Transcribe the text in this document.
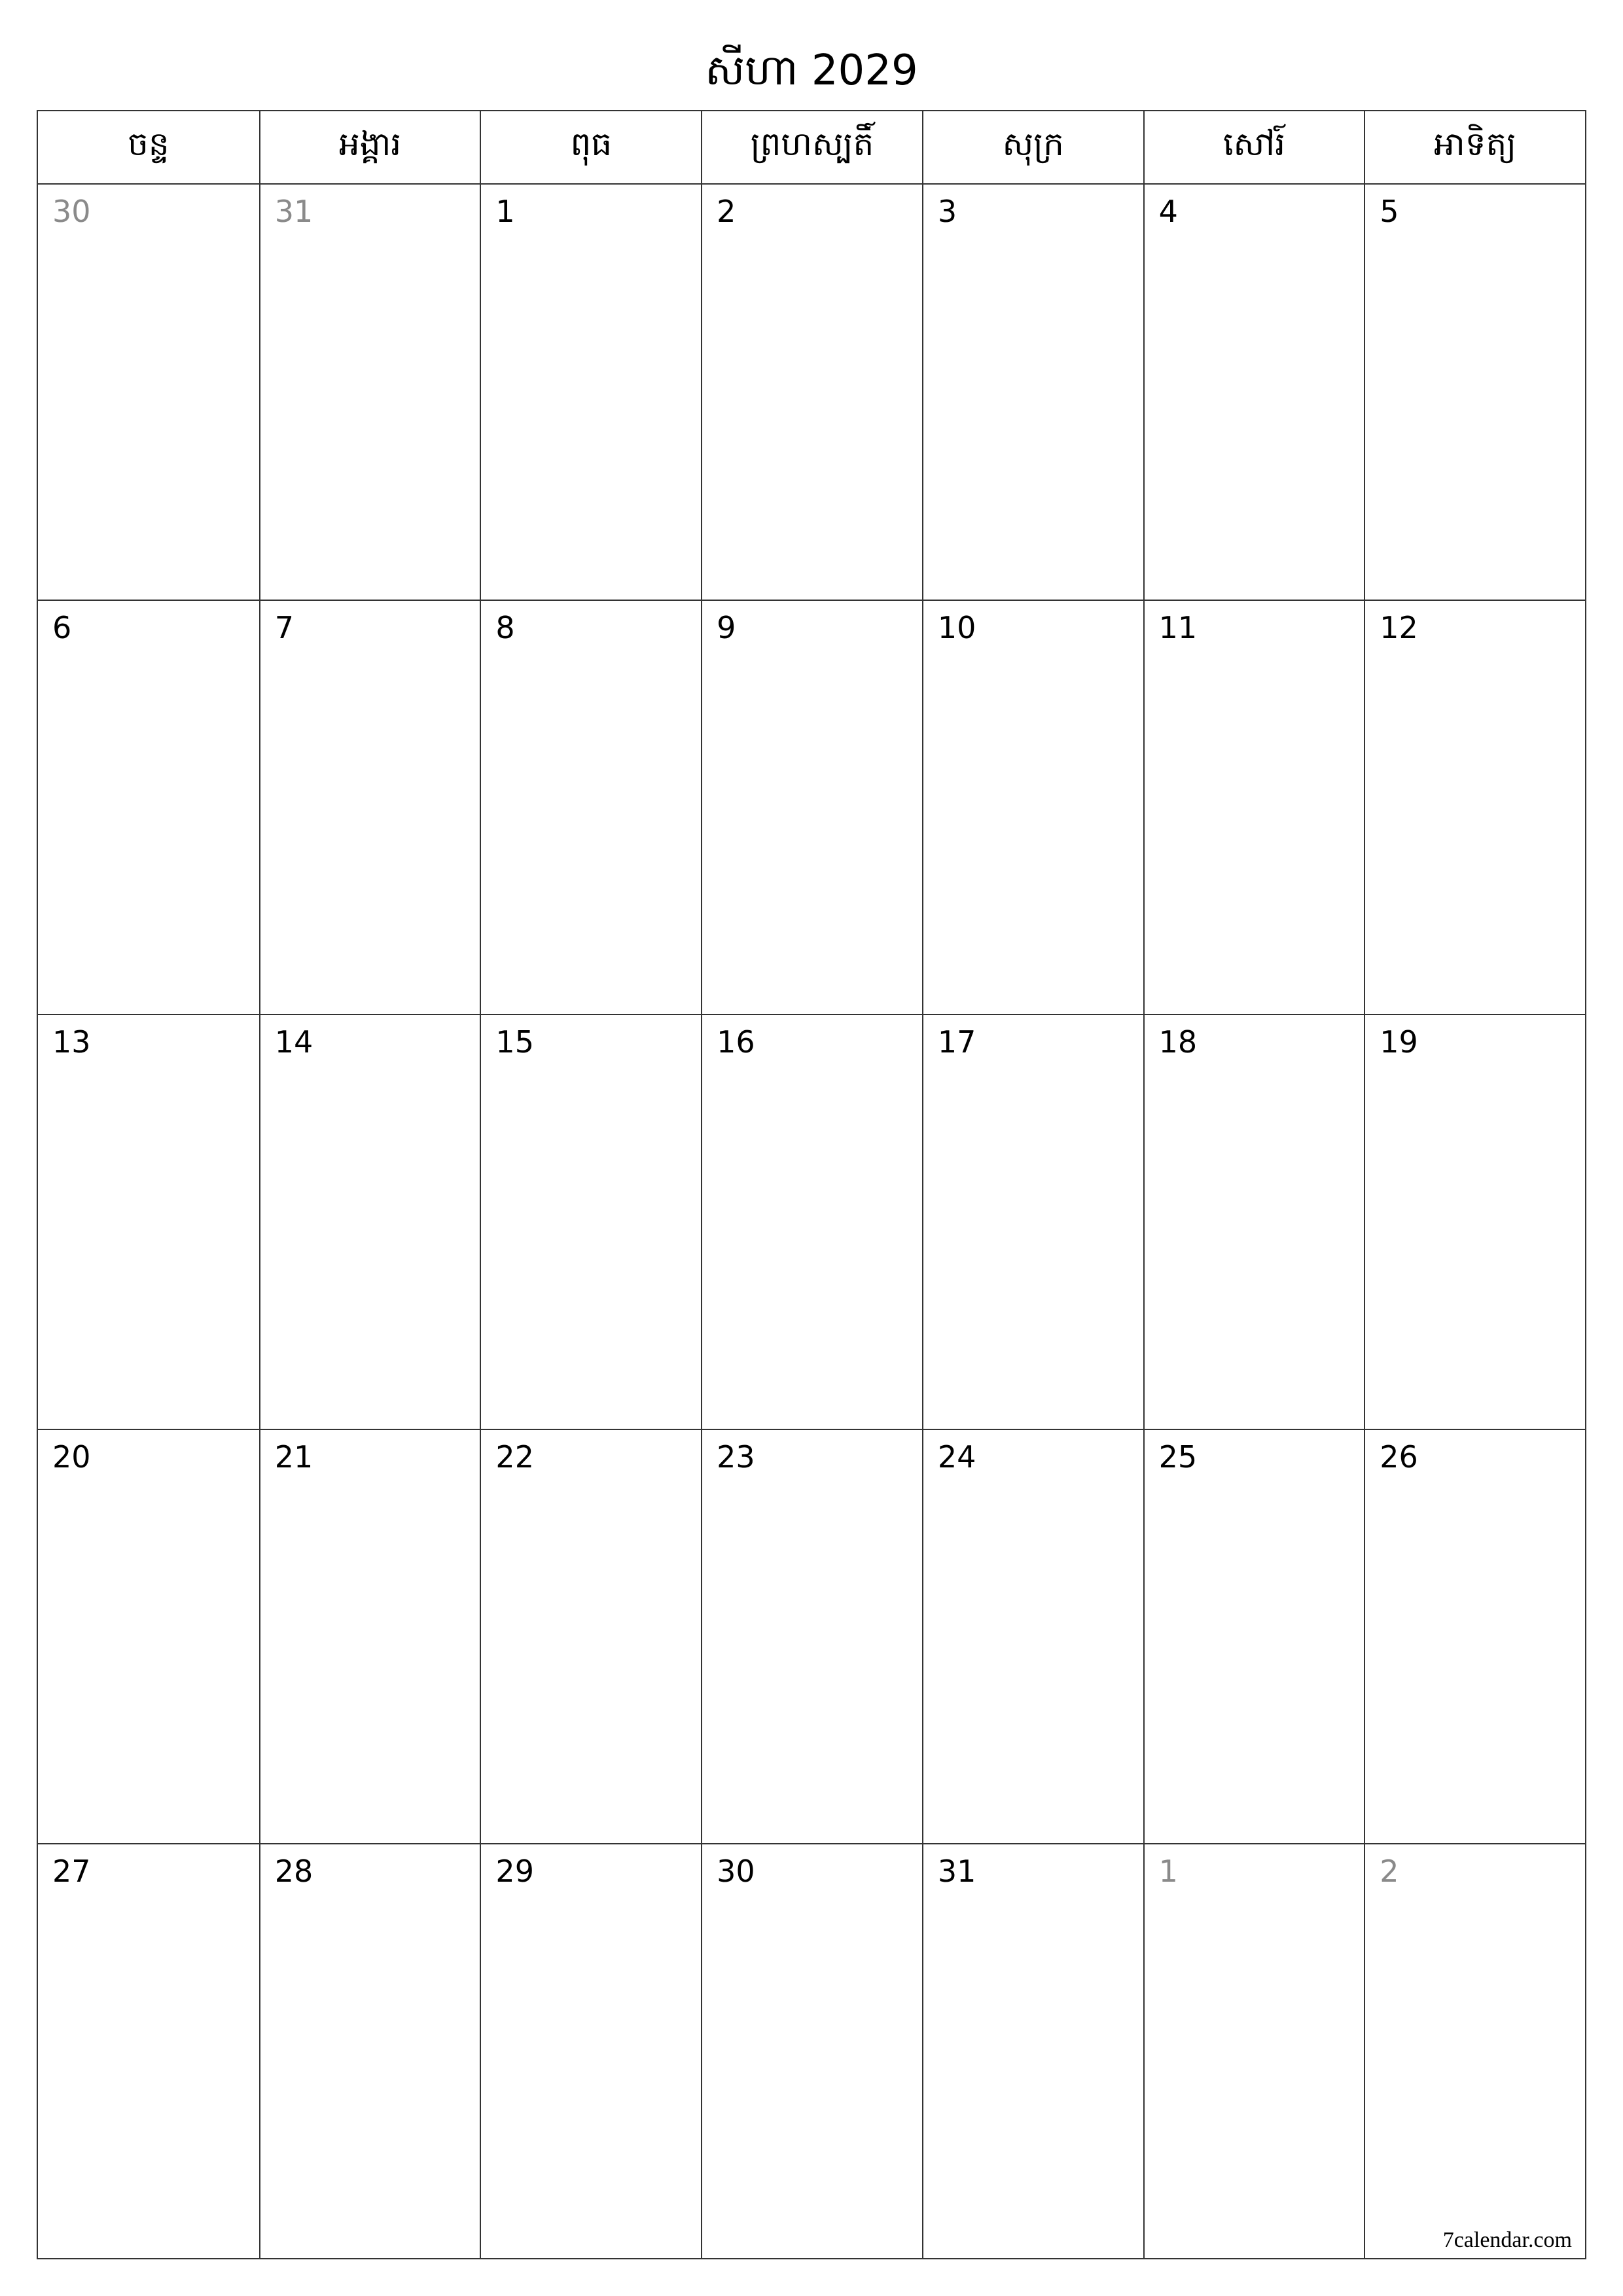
សីហា 2029
ចន្ទ	អង្គារ	ពុធ	ព្រហស្បតិ៍	សុក្រ	សៅរ៍	អាទិត្យ
30	31	1	2	3	4	5
6	7	8	9	10	11	12
13	14	15	16	17	18	19
20	21	22	23	24	25	26
27	28	29	30	31	1	2
7calendar.com
